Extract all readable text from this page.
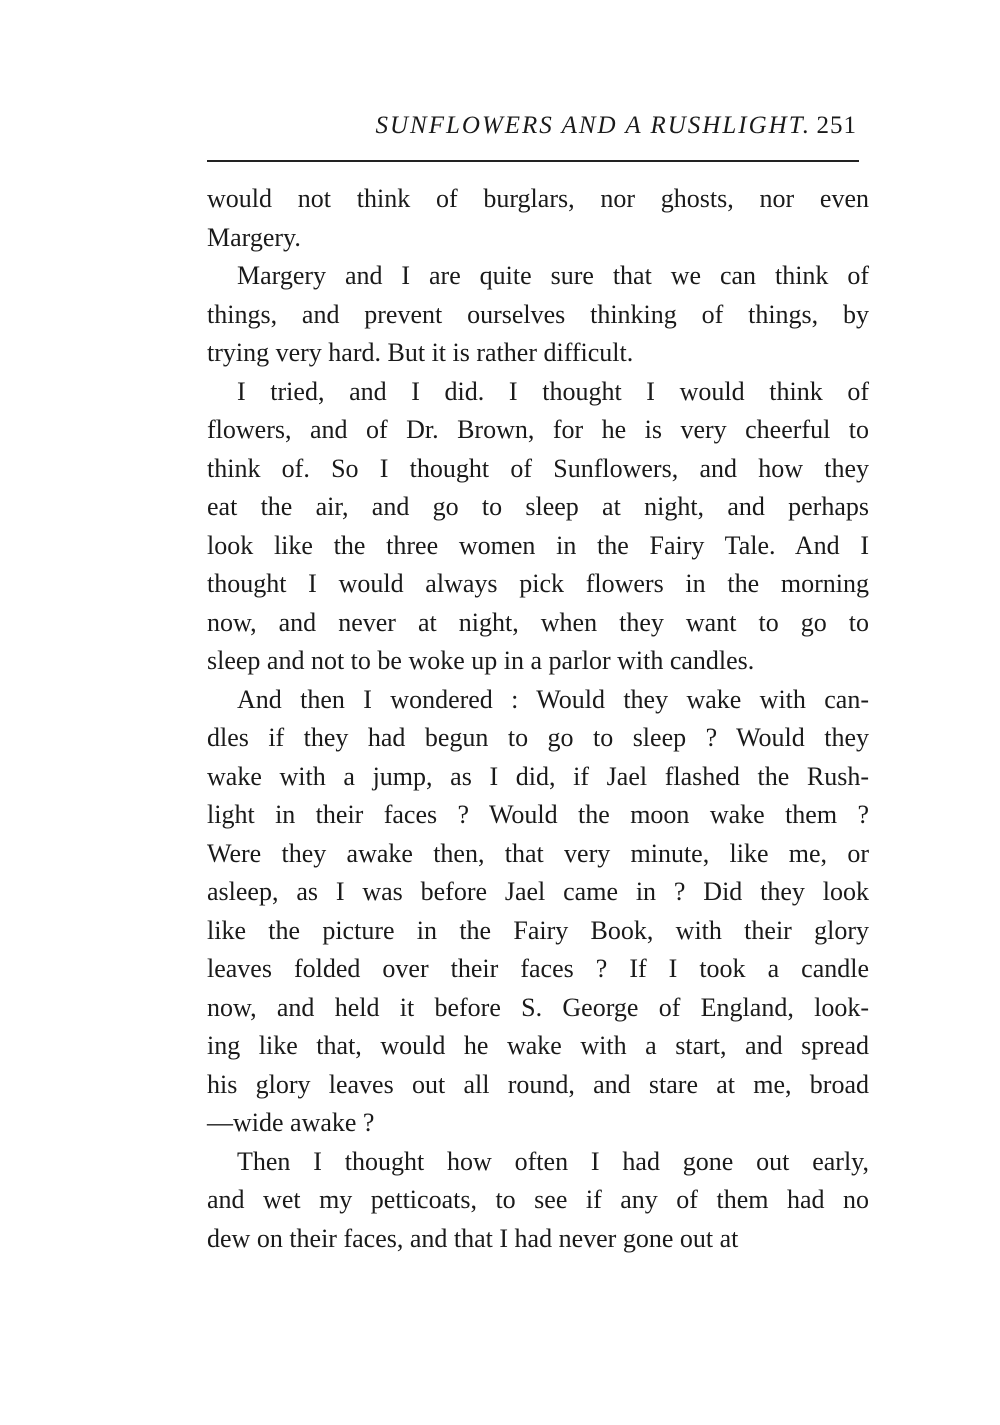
SUNFLOWERS AND A RUSHLIGHT. 251
would not think of burglars, nor ghosts, nor even
Margery.
Margery and I are quite sure that we can think of
things, and prevent ourselves thinking of things, by
trying very hard. But it is rather difficult.
I tried, and I did. I thought I would think of
flowers, and of Dr. Brown, for he is very cheerful to
think of. So I thought of Sunflowers, and how they
eat the air, and go to sleep at night, and perhaps
look like the three women in the Fairy Tale. And I
thought I would always pick flowers in the morning
now, and never at night, when they want to go to
sleep and not to be woke up in a parlor with candles.
And then I wondered : Would they wake with can-
dles if they had begun to go to sleep ? Would they
wake with a jump, as I did, if Jael flashed the Rush-
light in their faces ? Would the moon wake them ?
Were they awake then, that very minute, like me, or
asleep, as I was before Jael came in ? Did they look
like the picture in the Fairy Book, with their glory
leaves folded over their faces ? If I took a candle
now, and held it before S. George of England, look-
ing like that, would he wake with a start, and spread
his glory leaves out all round, and stare at me, broad
—wide awake ?
Then I thought how often I had gone out early,
and wet my petticoats, to see if any of them had no
dew on their faces, and that I had never gone out at
